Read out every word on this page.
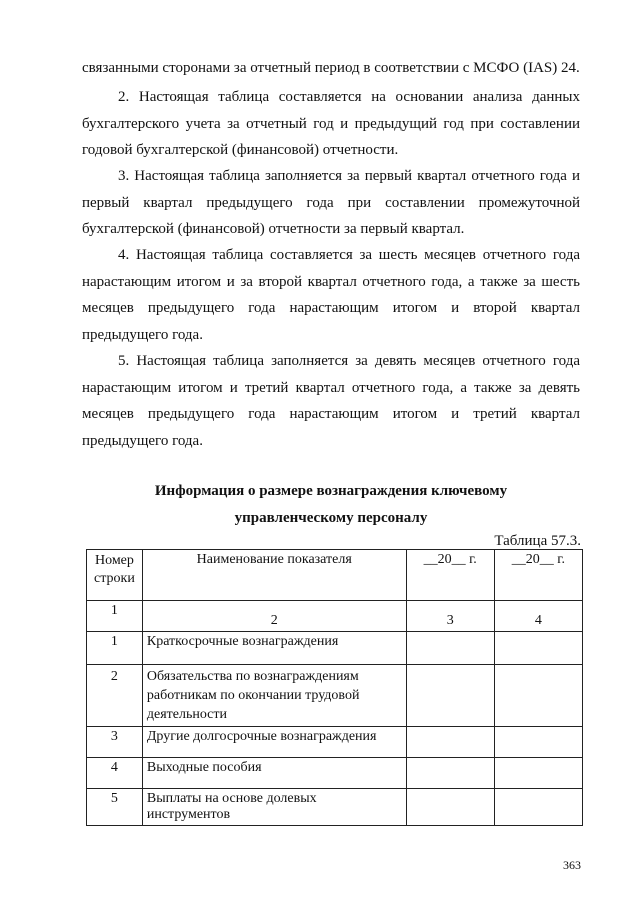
связанными сторонами за отчетный период в соответствии с МСФО (IAS) 24.

2. Настоящая таблица составляется на основании анализа данных бухгалтерского учета за отчетный год и предыдущий год при составлении годовой бухгалтерской (финансовой) отчетности.

3. Настоящая таблица заполняется за первый квартал отчетного года и первый квартал предыдущего года при составлении промежуточной бухгалтерской (финансовой) отчетности за первый квартал.

4. Настоящая таблица составляется за шесть месяцев отчетного года нарастающим итогом и за второй квартал отчетного года, а также за шесть месяцев предыдущего года нарастающим итогом и второй квартал предыдущего года.

5. Настоящая таблица заполняется за девять месяцев отчетного года нарастающим итогом и третий квартал отчетного года, а также за девять месяцев предыдущего года нарастающим итогом и третий квартал предыдущего года.

Информация о размере вознаграждения ключевому

управленческому персоналу

Таблица 57.3.

Номер строки	Наименование показателя	__20__ г.	__20__ г.
1	2	3	4
1	Краткосрочные вознаграждения		
2	Обязательства по вознаграждениям работникам по окончании трудовой деятельности		
3	Другие долгосрочные вознаграждения		
4	Выходные пособия		
5	Выплаты на основе долевых инструментов		

363
